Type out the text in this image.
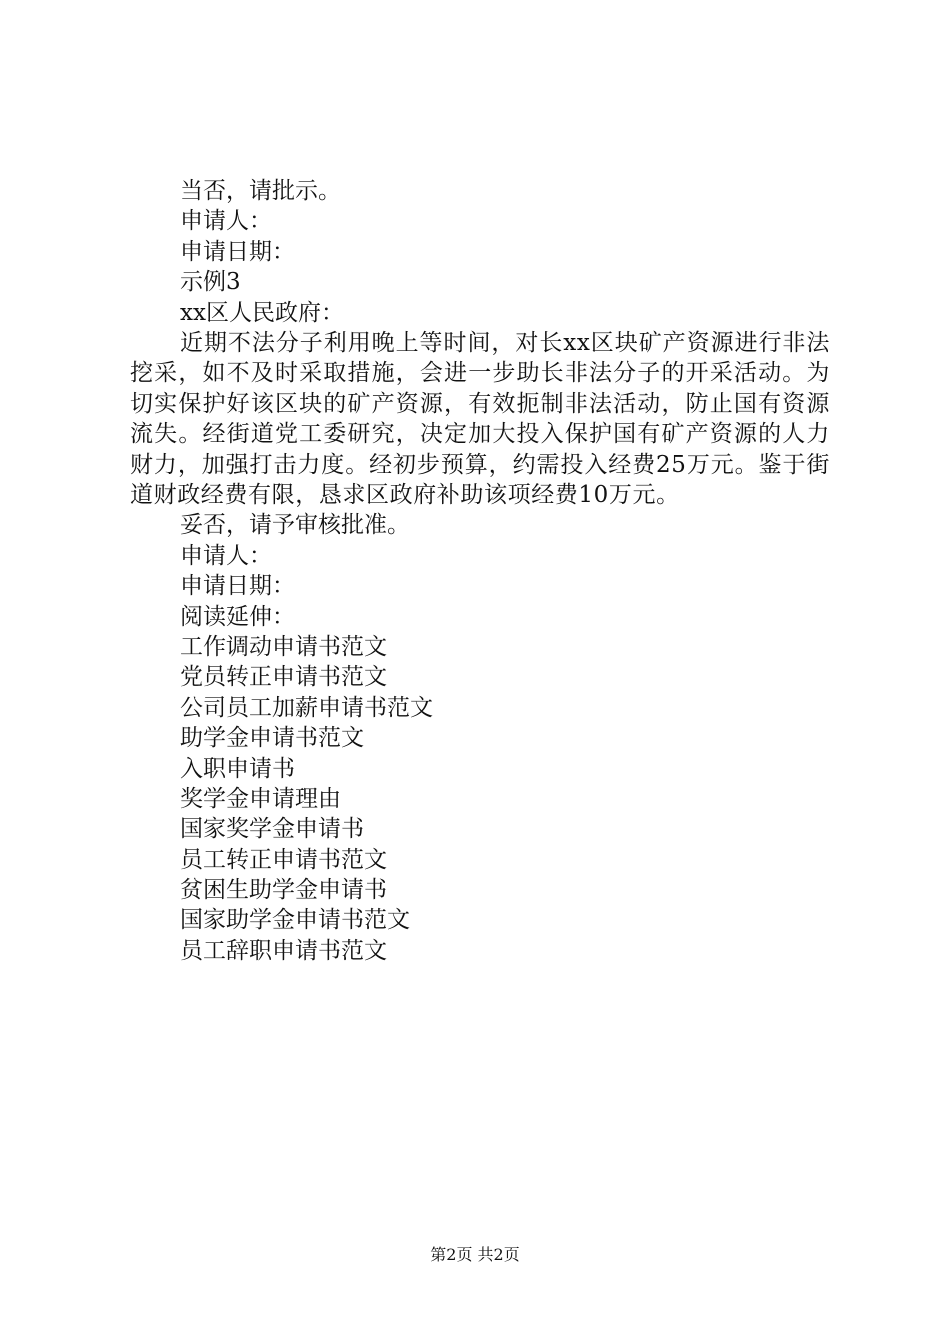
当否，请批示。
申请人：
申请日期：
示例3
xx区人民政府：
近期不法分子利用晚上等时间，对长xx区块矿产资源进行非法挖采，如不及时采取措施，会进一步助长非法分子的开采活动。为切实保护好该区块的矿产资源，有效扼制非法活动，防止国有资源流失。经街道党工委研究，决定加大投入保护国有矿产资源的人力财力，加强打击力度。经初步预算，约需投入经费25万元。鉴于街道财政经费有限，恳求区政府补助该项经费10万元。
妥否，请予审核批准。
申请人：
申请日期：
阅读延伸：
工作调动申请书范文
党员转正申请书范文
公司员工加薪申请书范文
助学金申请书范文
入职申请书
奖学金申请理由
国家奖学金申请书
员工转正申请书范文
贫困生助学金申请书
国家助学金申请书范文
员工辞职申请书范文
第2页 共2页
